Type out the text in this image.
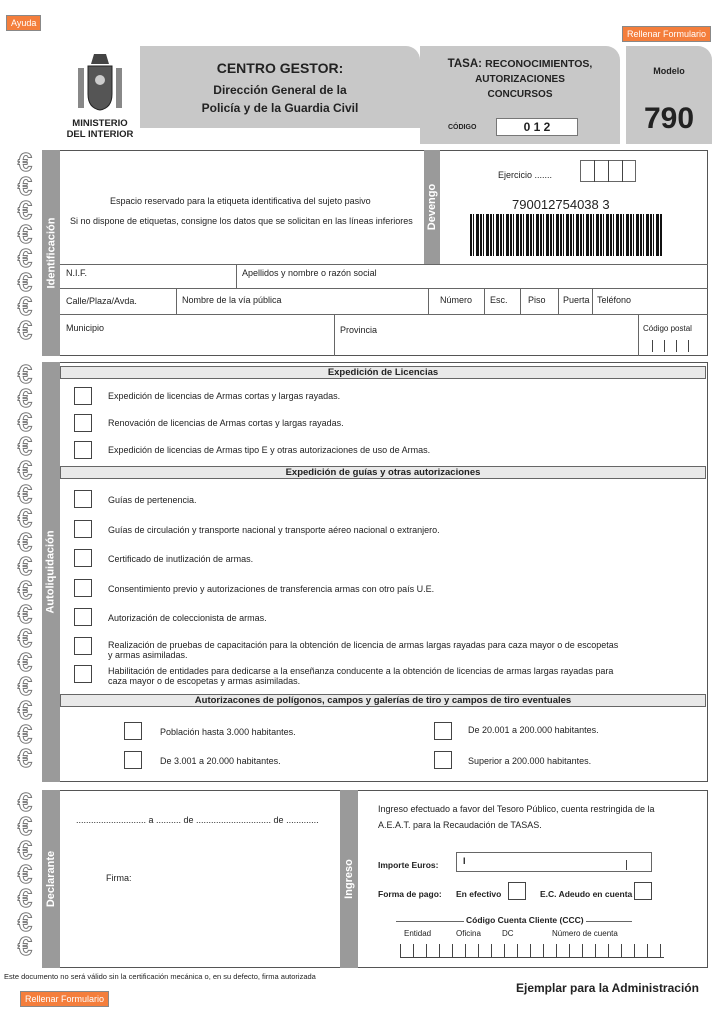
Ayuda
Rellenar Formulario
MINISTERIO
DEL INTERIOR
CENTRO GESTOR:
Dirección General de la
Policía y de la Guardia Civil
TASA: RECONOCIMIENTOS,
AUTORIZACIONES
CONCURSOS
CÓDIGO	0 1 2
Modelo
790
€
€
€
€
€
€
€
€
€
€
€
€
€
€
€
€
€
€
€
€
€
€
€
€
€
€
€
€
€
€
€
€
Identificación
Espacio reservado para la etiqueta identificativa del sujeto pasivo
Si no dispone de etiquetas, consigne los datos que se solicitan en las líneas inferiores Devengo
Ejercicio .......
790012754038 3
N.I.F.	Apellidos y nombre o razón social
Calle/Plaza/Avda.	Nombre de la vía pública	Número Esc. Piso Puerta Teléfono
Municipio	Provincia	Código postal
Autoliquidación
Expedición de Licencias
Expedición de licencias de Armas cortas y largas rayadas.
Renovación de licencias de Armas cortas y largas rayadas.
Expedición de licencias de Armas tipo E y otras autorizaciones de uso de Armas.
Expedición de guías y otras autorizaciones
Guías de pertenencia.
Guías de circulación y transporte nacional y transporte aéreo nacional o extranjero.
Certificado de inutlización de armas.
Consentimiento previo y autorizaciones de transferencia armas con otro país U.E.
Autorización de coleccionista de armas.
Realización de pruebas de capacitación para la obtención de licencia de armas largas rayadas para caza mayor o de escopetas
y armas asimiladas.
Habilitación de entidades para dedicarse a la enseñanza conducente a la obtención de licencias de armas largas rayadas para
caza mayor o de escopetas y armas asimiladas.
Autorizacones de polígonos, campos y galerías de tiro y campos de tiro eventuales
Población hasta 3.000 habitantes.	De 20.001 a 200.000 habitantes.
De 3.001 a 20.000 habitantes.	Superior a 200.000 habitantes.
Declarante
............................ a .......... de .............................. de .............
Firma:	Ingreso
Ingreso efectuado a favor del Tesoro Público, cuenta restringida de la
A.E.A.T. para la Recaudación de TASAS.
Importe Euros:	I
Forma de pago: En efectivo	E.C. Adeudo en cuenta
Código Cuenta Cliente (CCC)
Entidad	Oficina	DC	Número de cuenta
Este documento no será válido sin la certificación mecánica o, en su defecto, firma autorizada
Ejemplar para la Administración
Rellenar Formulario
